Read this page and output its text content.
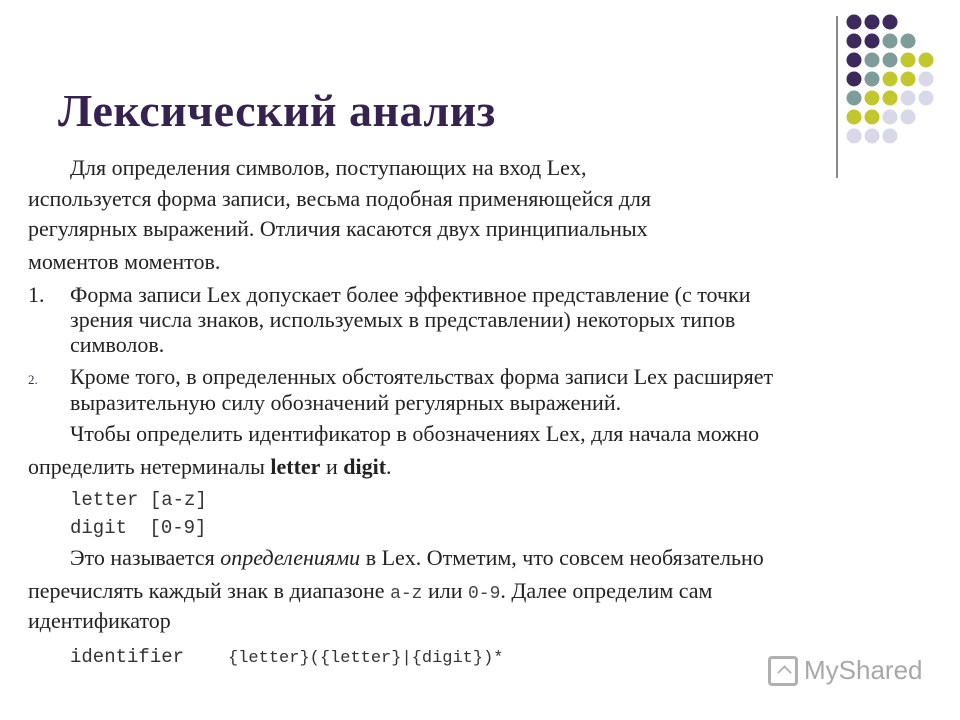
Лексический анализ
Для определения символов, поступающих на вход Lex,
используется форма записи, весьма подобная применяющейся для
регулярных выражений. Отличия касаются двух принципиальных
моментов моментов.
1. Форма записи Lex допускает более эффективное представление (с точки
зрения числа знаков, используемых в представлении) некоторых типов
символов.
2. Кроме того, в определенных обстоятельствах форма записи Lex расширяет
выразительную силу обозначений регулярных выражений.
Чтобы определить идентификатор в обозначениях Lex, для начала можно
определить нетерминалы letter и digit.
letter [a-z]
digit [0-9]
Это называется определениями в Lex. Отметим, что совсем необязательно
перечислять каждый знак в диапазоне a-z или 0-9. Далее определим сам
идентификатор
identifier	{letter}({letter}|{digit})*	MyShared
